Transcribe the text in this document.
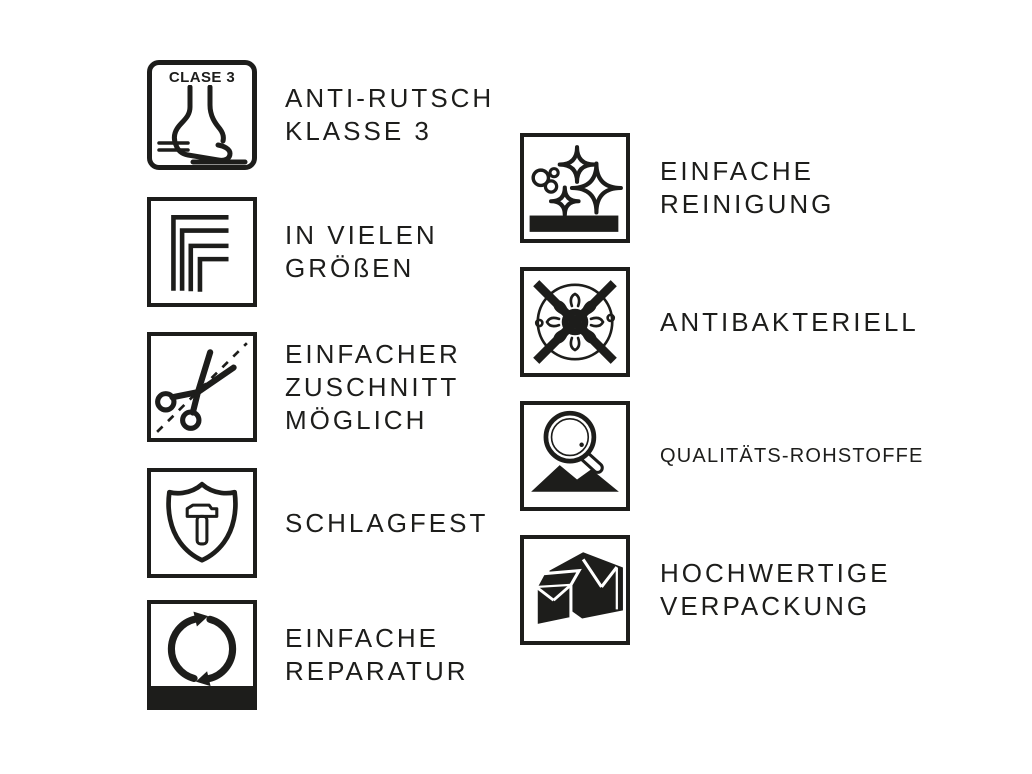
CLASE 3
ANTI-RUTSCH
KLASSE 3
IN VIELEN
GRÖßEN
EINFACHER
ZUSCHNITT
MÖGLICH
SCHLAGFEST
EINFACHE
REPARATUR
EINFACHE
REINIGUNG
ANTIBAKTERIELL
QUALITÄTS-ROHSTOFFE
HOCHWERTIGE
VERPACKUNG
